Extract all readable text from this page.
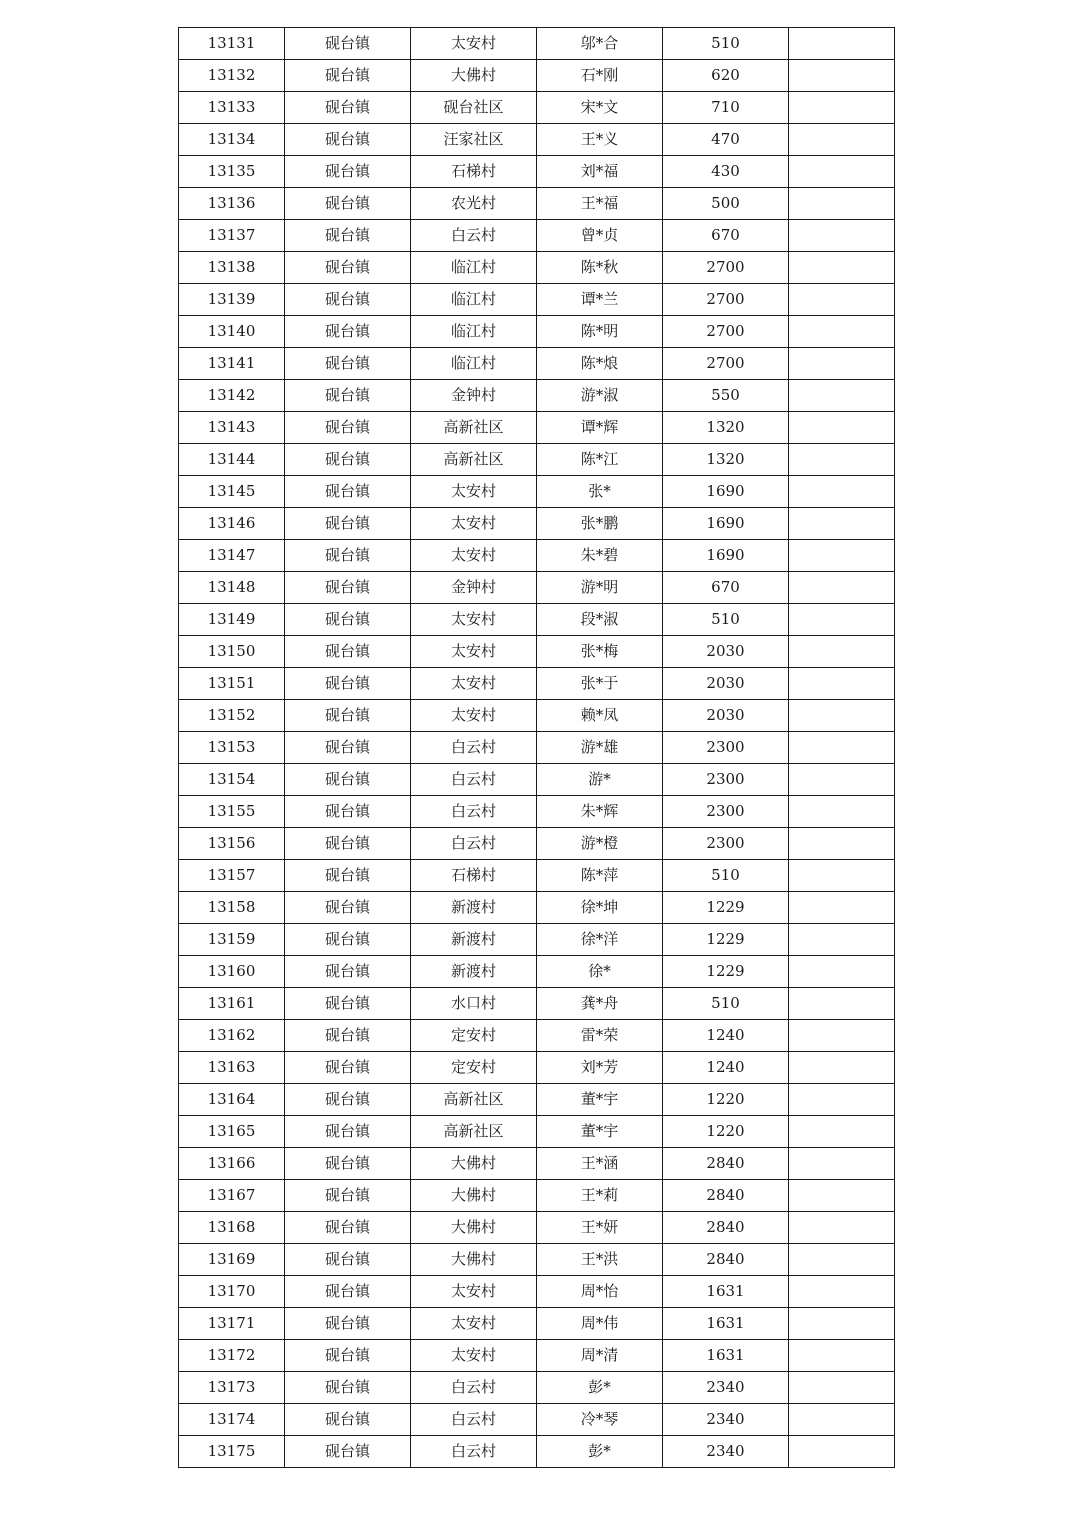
13131	砚台镇	太安村	邬*合	510	
13132	砚台镇	大佛村	石*刚	620	
13133	砚台镇	砚台社区	宋*文	710	
13134	砚台镇	汪家社区	王*义	470	
13135	砚台镇	石梯村	刘*福	430	
13136	砚台镇	农光村	王*福	500	
13137	砚台镇	白云村	曾*贞	670	
13138	砚台镇	临江村	陈*秋	2700	
13139	砚台镇	临江村	谭*兰	2700	
13140	砚台镇	临江村	陈*明	2700	
13141	砚台镇	临江村	陈*烺	2700	
13142	砚台镇	金钟村	游*淑	550	
13143	砚台镇	高新社区	谭*辉	1320	
13144	砚台镇	高新社区	陈*江	1320	
13145	砚台镇	太安村	张*	1690	
13146	砚台镇	太安村	张*鹏	1690	
13147	砚台镇	太安村	朱*碧	1690	
13148	砚台镇	金钟村	游*明	670	
13149	砚台镇	太安村	段*淑	510	
13150	砚台镇	太安村	张*梅	2030	
13151	砚台镇	太安村	张*于	2030	
13152	砚台镇	太安村	赖*凤	2030	
13153	砚台镇	白云村	游*雄	2300	
13154	砚台镇	白云村	游*	2300	
13155	砚台镇	白云村	朱*辉	2300	
13156	砚台镇	白云村	游*橙	2300	
13157	砚台镇	石梯村	陈*萍	510	
13158	砚台镇	新渡村	徐*坤	1229	
13159	砚台镇	新渡村	徐*洋	1229	
13160	砚台镇	新渡村	徐*	1229	
13161	砚台镇	水口村	龚*舟	510	
13162	砚台镇	定安村	雷*荣	1240	
13163	砚台镇	定安村	刘*芳	1240	
13164	砚台镇	高新社区	董*宇	1220	
13165	砚台镇	高新社区	董*宇	1220	
13166	砚台镇	大佛村	王*涵	2840	
13167	砚台镇	大佛村	王*莉	2840	
13168	砚台镇	大佛村	王*妍	2840	
13169	砚台镇	大佛村	王*洪	2840	
13170	砚台镇	太安村	周*怡	1631	
13171	砚台镇	太安村	周*伟	1631	
13172	砚台镇	太安村	周*清	1631	
13173	砚台镇	白云村	彭*	2340	
13174	砚台镇	白云村	冷*琴	2340	
13175	砚台镇	白云村	彭*	2340	
